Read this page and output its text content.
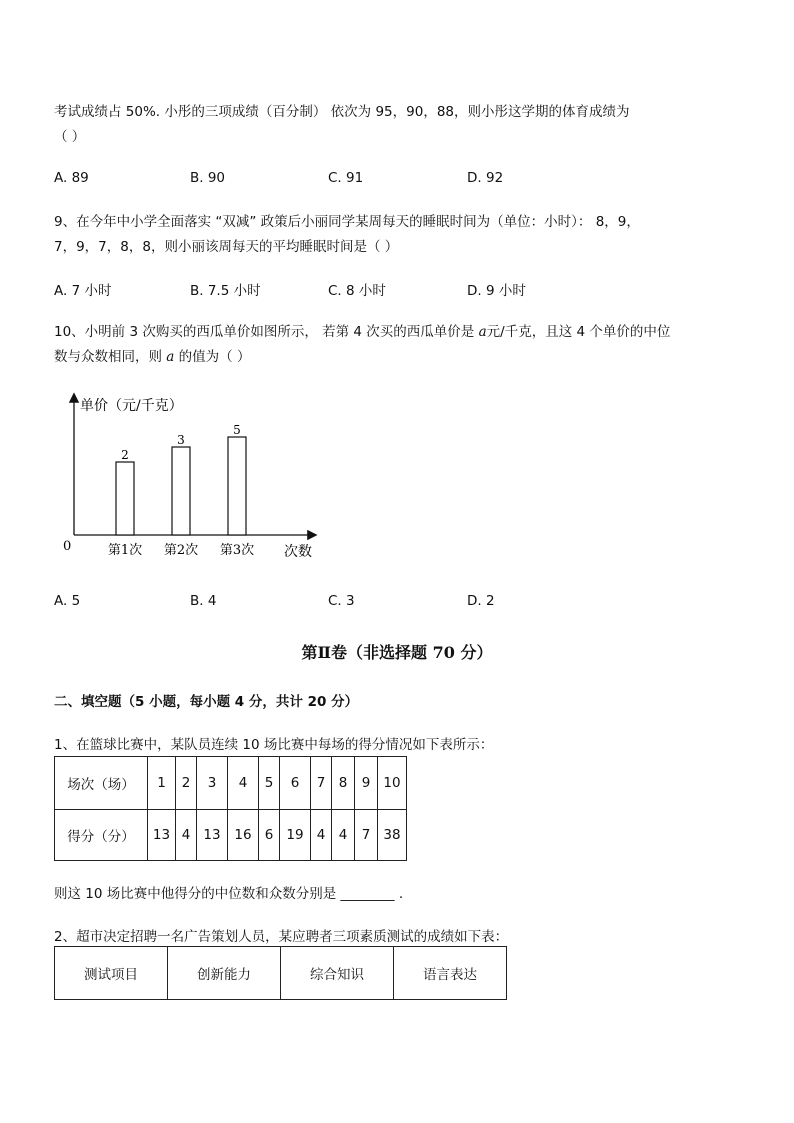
考试成绩占 50%. 小彤的三项成绩（百分制） 依次为 95，90，88，则小彤这学期的体育成绩为
（ ）
A. 89	B. 90	C. 91	D. 92
9、在今年中小学全面落实 “双减” 政策后小丽同学某周每天的睡眠时间为（单位：小时）： 8，9，
7，9，7，8，8，则小丽该周每天的平均睡眠时间是（ ）
A. 7 小时	B. 7.5 小时	C. 8 小时	D. 9 小时
10、小明前 3 次购买的西瓜单价如图所示， 若第 4 次买的西瓜单价是 a元/千克，且这 4 个单价的中位
数与众数相同，则 a 的值为（ ）
单价（元/千克）
0	次数
2
第1次
3
第2次
5
第3次
A. 5	B. 4	C. 3	D. 2
第Ⅱ卷（非选择题 70 分）
二、填空题（5 小题，每小题 4 分，共计 20 分）
1、在篮球比赛中，某队员连续 10 场比赛中每场的得分情况如下表所示：
场次（场）	1	2	3	4	5	6	7	8	9	10
得分（分）	13	4	13	16	6	19	4	4	7	38
则这 10 场比赛中他得分的中位数和众数分别是 ________ .
2、超市决定招聘一名广告策划人员，某应聘者三项素质测试的成绩如下表：
测试项目	创新能力	综合知识	语言表达
